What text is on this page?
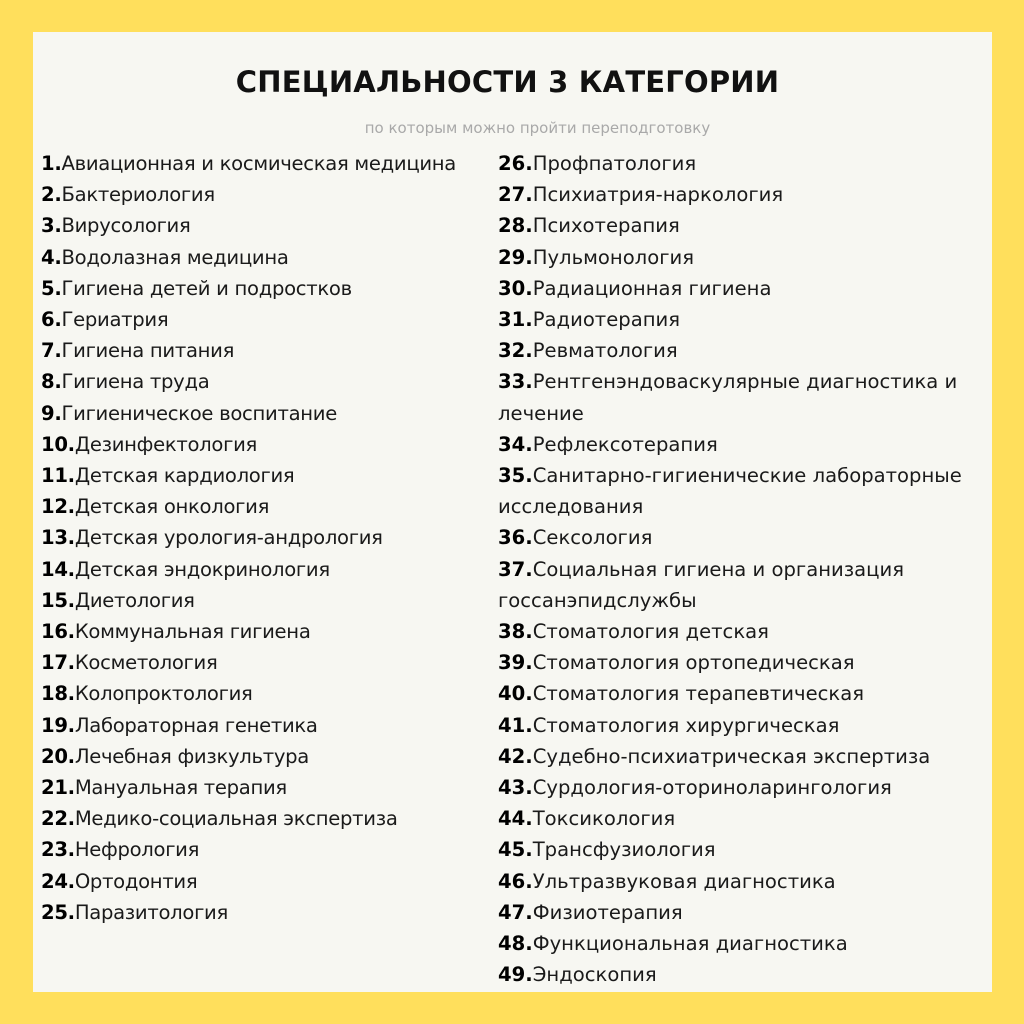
СПЕЦИАЛЬНОСТИ 3 КАТЕГОРИИ
по которым можно пройти переподготовку
1.Авиационная и космическая медицина
2.Бактериология
3.Вирусология
4.Водолазная медицина
5.Гигиена детей и подростков
6.Гериатрия
7.Гигиена питания
8.Гигиена труда
9.Гигиеническое воспитание
10.Дезинфектология
11.Детская кардиология
12.Детская онкология
13.Детская урология-андрология
14.Детская эндокринология
15.Диетология
16.Коммунальная гигиена
17.Косметология
18.Колопроктология
19.Лабораторная генетика
20.Лечебная физкультура
21.Мануальная терапия
22.Медико-социальная экспертиза
23.Нефрология
24.Ортодонтия
25.Паразитология
26.Профпатология
27.Психиатрия-наркология
28.Психотерапия
29.Пульмонология
30.Радиационная гигиена
31.Радиотерапия
32.Ревматология
33.Рентгенэндоваскулярные диагностика и лечение
34.Рефлексотерапия
35.Санитарно-гигиенические лабораторные исследования
36.Сексология
37.Социальная гигиена и организация госсанэпидслужбы
38.Стоматология детская
39.Стоматология ортопедическая
40.Стоматология терапевтическая
41.Стоматология хирургическая
42.Судебно-психиатрическая экспертиза
43.Сурдология-оториноларингология
44.Токсикология
45.Трансфузиология
46.Ультразвуковая диагностика
47.Физиотерапия
48.Функциональная диагностика
49.Эндоскопия
